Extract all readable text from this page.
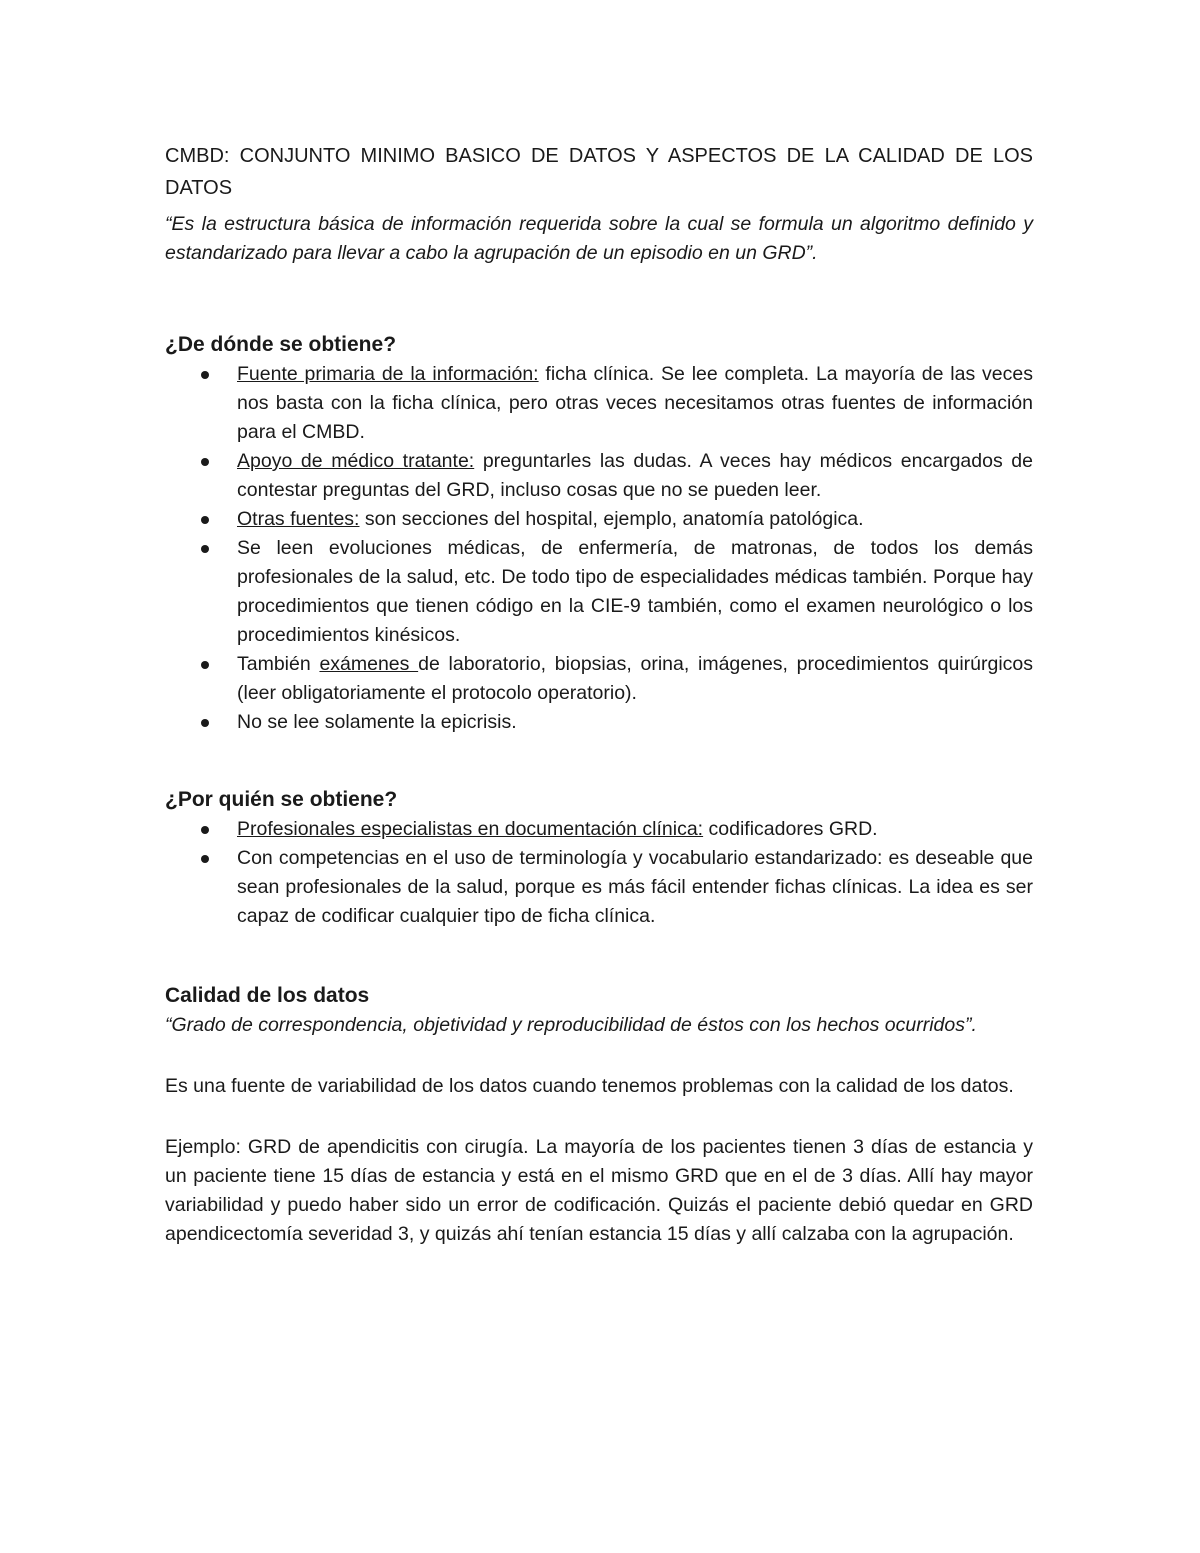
CMBD: CONJUNTO MINIMO BASICO DE DATOS Y ASPECTOS DE LA CALIDAD DE LOS DATOS

“Es la estructura básica de información requerida sobre la cual se formula un algoritmo definido y estandarizado para llevar a cabo la agrupación de un episodio en un GRD”.

¿De dónde se obtiene?
Fuente primaria de la información: ficha clínica. Se lee completa. La mayoría de las veces nos basta con la ficha clínica, pero otras veces necesitamos otras fuentes de información para el CMBD.
Apoyo de médico tratante: preguntarles las dudas. A veces hay médicos encargados de contestar preguntas del GRD, incluso cosas que no se pueden leer.
Otras fuentes: son secciones del hospital, ejemplo, anatomía patológica.
Se leen evoluciones médicas, de enfermería, de matronas, de todos los demás profesionales de la salud, etc. De todo tipo de especialidades médicas también. Porque hay procedimientos que tienen código en la CIE-9 también, como el examen neurológico o los procedimientos kinésicos.
También exámenes de laboratorio, biopsias, orina, imágenes, procedimientos quirúrgicos (leer obligatoriamente el protocolo operatorio).
No se lee solamente la epicrisis.
¿Por quién se obtiene?
Profesionales especialistas en documentación clínica: codificadores GRD.
Con competencias en el uso de terminología y vocabulario estandarizado: es deseable que sean profesionales de la salud, porque es más fácil entender fichas clínicas. La idea es ser capaz de codificar cualquier tipo de ficha clínica.
Calidad de los datos

“Grado de correspondencia, objetividad y reproducibilidad de éstos con los hechos ocurridos”.

Es una fuente de variabilidad de los datos cuando tenemos problemas con la calidad de los datos.

Ejemplo: GRD de apendicitis con cirugía. La mayoría de los pacientes tienen 3 días de estancia y un paciente tiene 15 días de estancia y está en el mismo GRD que en el de 3 días. Allí hay mayor variabilidad y puedo haber sido un error de codificación. Quizás el paciente debió quedar en GRD apendicectomía severidad 3, y quizás ahí tenían estancia 15 días y allí calzaba con la agrupación.
